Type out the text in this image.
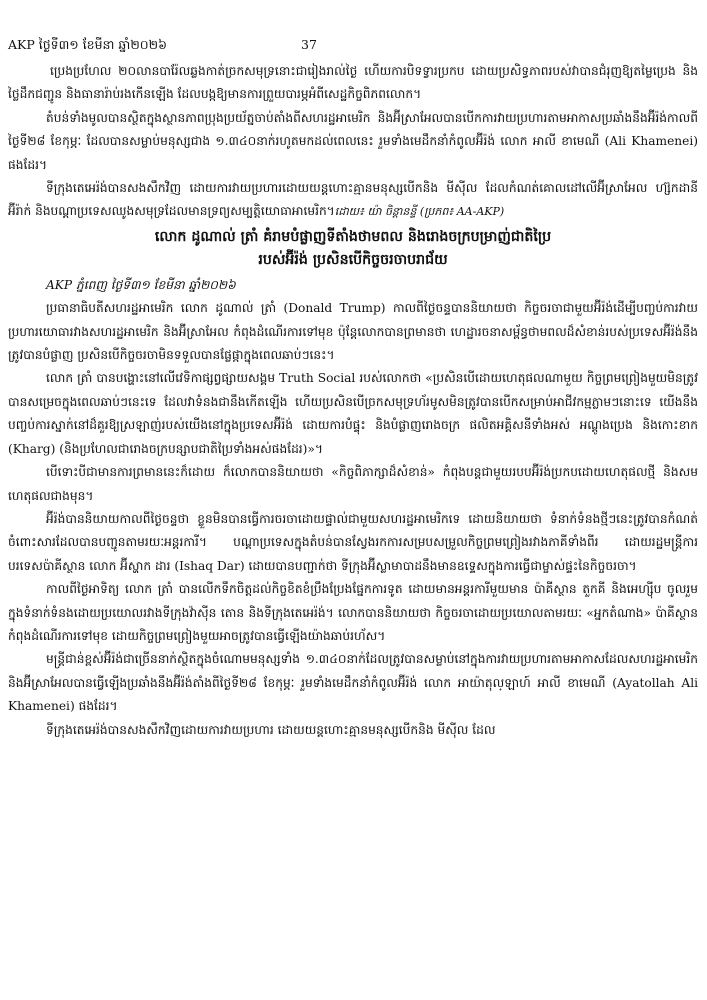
AKP ថ្ងៃទី៣១ ខែមីនា ឆ្នាំ២០២៦	37

ប្រេងប្រហែល ២០លានបារ៉ែលឆ្លងកាត់ច្រកសមុទ្រនោះជារៀងរាល់ថ្ងៃ ហើយការបិទទ្វារប្រកប ដោយប្រសិទ្ធភាពរបស់វាបានជំរុញឱ្យតម្លៃប្រេង និងថ្លៃដឹកជញ្ជូន និងធានារ៉ាប់រងកើនឡើង ដែលបង្កឱ្យមានការព្រួយបារម្ភអំពីសេដ្ឋកិច្ចពិភពលោក។

តំបន់ទាំងមូលបានស្ថិតក្នុងស្ថានភាពប្រុងប្រយ័ត្នចាប់តាំងពីសហរដ្ឋអាមេរិក និងអ៊ីស្រាអែលបានបើកការវាយប្រហារតាមអាកាសប្រឆាំងនឹងអ៊ីរ៉ង់កាលពីថ្ងៃទី២៨ ខែកុម្ភៈ ដែលបានសម្លាប់មនុស្សជាង ១.៣៤០នាក់រហូតមកដល់ពេលនេះ រួមទាំងមេដឹកនាំកំពូលអ៊ីរ៉ង់ លោក អាលី ខាមេណី (Ali Khamenei) ផងដែរ។

ទីក្រុងតេអេរ៉ង់បានសងសឹកវិញ ដោយការវាយប្រហារដោយយន្តហោះគ្មានមនុស្សបើកនិង មីស៊ីល ដែលកំណត់គោលដៅលើអ៊ីស្រាអែល ហ្ស៊កដានី អ៊ីរ៉ាក់ និងបណ្ដាប្រទេសឈូងសមុទ្រដែលមានទ្រព្យសម្បត្តិយោធាអាមេរិក។ដោយ៖ យ៉ា ចិន្ដានន្ទី (ប្រភព៖ AA-AKP)

លោក ដូណាល់ ត្រាំ គំរាមបំផ្លាញទីតាំងថាមពល និងរោងចក្របម្រាញ់ជាតិប្រៃ
របស់អ៊ីរ៉ង់ ប្រសិនបើកិច្ចចរចាបរាជ័យ

AKP ភ្នំពេញ ថ្ងៃទី៣១ ខែមីនា ឆ្នាំ២០២៦

ប្រធានាធិបតីសហរដ្ឋអាមេរិក លោក ដូណាល់ ត្រាំ (Donald Trump) កាលពីថ្ងៃចន្ទបាននិយាយថា កិច្ចចរចាជាមួយអ៊ីរ៉ង់ដើម្បីបញ្ចប់ការវាយប្រហារយោធារវាងសហរដ្ឋអាមេរិក និងអ៊ីស្រាអែល កំពុងដំណើរការទៅមុខ ប៉ុន្តែលោកបានព្រមានថា ហេដ្ឋារចនាសម្ព័ន្ធថាមពលដ៏សំខាន់របស់ប្រទេសអ៊ីរ៉ង់នឹងត្រូវបានបំផ្លាញ ប្រសិនបើកិច្ចចរចាមិនទទួលបានផ្លែផ្កាក្នុងពេលឆាប់ៗនេះ។

លោក ត្រាំ បានបង្ហោះនៅលើវេទិកាផ្សព្វផ្សាយសង្គម Truth Social របស់លោកថា «ប្រសិនបើដោយហេតុផលណាមួយ កិច្ចព្រមព្រៀងមួយមិនត្រូវបានសម្រេចក្នុងពេលឆាប់ៗនេះទេ ដែលវាទំនងជានឹងកើតឡើង ហើយប្រសិនបើច្រកសមុទ្រហ័រមូសមិនត្រូវបានបើកសម្រាប់អាជីវកម្មភ្លាមៗនោះទេ យើងនឹងបញ្ចប់ការស្នាក់នៅដ៏គួរឱ្យស្រឡាញ់របស់យើងនៅក្នុងប្រទេសអ៊ីរ៉ង់ ដោយការបំផ្ទុះ និងបំផ្លាញរោងចក្រ ផលិតអគ្គិសនីទាំងអស់ អណ្ដូងប្រេង និងកោះខាក (Kharg) (និងប្រហែលជារោងចក្របន្សាបជាតិប្រៃទាំងអស់ផងដែរ)»។

បើទោះបីជាមានការព្រមាននេះក៏ដោយ ក៏លោកបាននិយាយថា «កិច្ចពិភាក្សាដ៏សំខាន់» កំពុងបន្តជាមួយរបបអ៊ីរ៉ង់ប្រកបដោយហេតុផលថ្មី និងសមហេតុផលជាងមុន។

អ៊ីរ៉ង់បាននិយាយកាលពីថ្ងៃចន្ទថា ខ្លួនមិនបានធ្វើការចរចាដោយផ្ទាល់ជាមួយសហរដ្ឋអាមេរិកទេ ដោយនិយាយថា ទំនាក់ទំនងថ្មីៗនេះត្រូវបានកំណត់ចំពោះសារដែលបានបញ្ជូនតាមរយៈអន្តរការី។ បណ្ដាប្រទេសក្នុងតំបន់បានស្វែងរកការសម្របសម្រួលកិច្ចព្រមព្រៀងរវាងភាគីទាំងពីរ ដោយរដ្ឋមន្ត្រីការបរទេសប៉ាគីស្ថាន លោក អ៊ីស្ហាក ដារ (Ishaq Dar) ដោយបានបញ្ជាក់ថា ទីក្រុងអ៊ីស្លាមាបាដនឹងមានឧទ្ទេសក្នុងការធ្វើជាម្ចាស់ផ្ទះនៃកិច្ចចរចា។

កាលពីថ្ងៃអាទិត្យ លោក ត្រាំ បានលើកទឹកចិត្តដល់កិច្ចខិតខំប្រឹងប្រែងផ្នែកការទូត ដោយមានអន្តរការីមួយមាន ប៉ាគីស្ថាន តួកគី និងអេហ្ស៊ីប ចូលរួមក្នុងទំនាក់ទំនងដោយប្រយោលរវាងទីក្រុងវ៉ាស៊ីន តោន និងទីក្រុងតេអេរ៉ង់។ លោកបាននិយាយថា កិច្ចចរចាដោយប្រយោលតាមរយៈ «អ្នកតំណាង» ប៉ាគីស្ថាន កំពុងដំណើរការទៅមុខ ដោយកិច្ចព្រមព្រៀងមួយអាចត្រូវបានធ្វើឡើងយ៉ាងឆាប់រហ័ស។

មន្ត្រីជាន់ខ្ពស់អ៊ីរ៉ង់ជាច្រើននាក់ស្ថិតក្នុងចំណោមមនុស្សទាំង ១.៣៤០នាក់ដែលត្រូវបានសម្លាប់នៅក្នុងការវាយប្រហារតាមអាកាសដែលសហរដ្ឋអាមេរិក និងអ៊ីស្រាអែលបានធ្វើឡើងប្រឆាំងនឹងអ៊ីរ៉ង់តាំងពីថ្ងៃទី២៨ ខែកុម្ភៈ រួមទាំងមេដឹកនាំកំពូលអ៊ីរ៉ង់ លោក អាយ៉ាតុល្ឡាហ៍ អាលី ខាមេណី (Ayatollah Ali Khamenei) ផងដែរ។

ទីក្រុងតេអេរ៉ង់បានសងសឹកវិញដោយការវាយប្រហារ ដោយយន្តហោះគ្មានមនុស្សបើកនិង មីស៊ីល ដែល
